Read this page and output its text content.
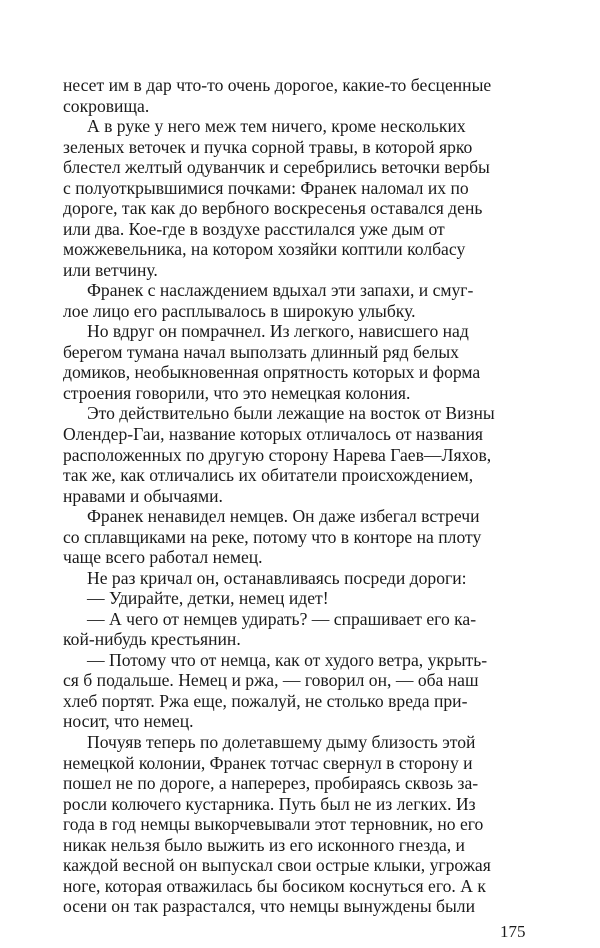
несет им в дар что-то очень дорогое, какие-то бесценные
сокровища.
А в руке у него меж тем ничего, кроме нескольких
зеленых веточек и пучка сорной травы, в которой ярко
блестел желтый одуванчик и серебрились веточки вербы
с полуоткрывшимися почками: Франек наломал их по
дороге, так как до вербного воскресенья оставался день
или два. Кое-где в воздухе расстилался уже дым от
можжевельника, на котором хозяйки коптили колбасу
или ветчину.
Франек с наслаждением вдыхал эти запахи, и смуг-
лое лицо его расплывалось в широкую улыбку.
Но вдруг он помрачнел. Из легкого, нависшего над
берегом тумана начал выползать длинный ряд белых
домиков, необыкновенная опрятность которых и форма
строения говорили, что это немецкая колония.
Это действительно были лежащие на восток от Визны
Олендер-Гаи, название которых отличалось от названия
расположенных по другую сторону Нарева Гаев—Ляхов,
так же, как отличались их обитатели происхождением,
нравами и обычаями.
Франек ненавидел немцев. Он даже избегал встречи
со сплавщиками на реке, потому что в конторе на плоту
чаще всего работал немец.
Не раз кричал он, останавливаясь посреди дороги:
— Удирайте, детки, немец идет!
— А чего от немцев удирать? — спрашивает его ка-
кой-нибудь крестьянин.
— Потому что от немца, как от худого ветра, укрыть-
ся б подальше. Немец и ржа, — говорил он, — оба наш
хлеб портят. Ржа еще, пожалуй, не столько вреда при-
носит, что немец.
Почуяв теперь по долетавшему дыму близость этой
немецкой колонии, Франек тотчас свернул в сторону и
пошел не по дороге, а наперерез, пробираясь сквозь за-
росли колючего кустарника. Путь был не из легких. Из
года в год немцы выкорчевывали этот терновник, но его
никак нельзя было выжить из его исконного гнезда, и
каждой весной он выпускал свои острые клыки, угрожая
ноге, которая отважилась бы босиком коснуться его. А к
осени он так разрастался, что немцы вынуждены были
175
